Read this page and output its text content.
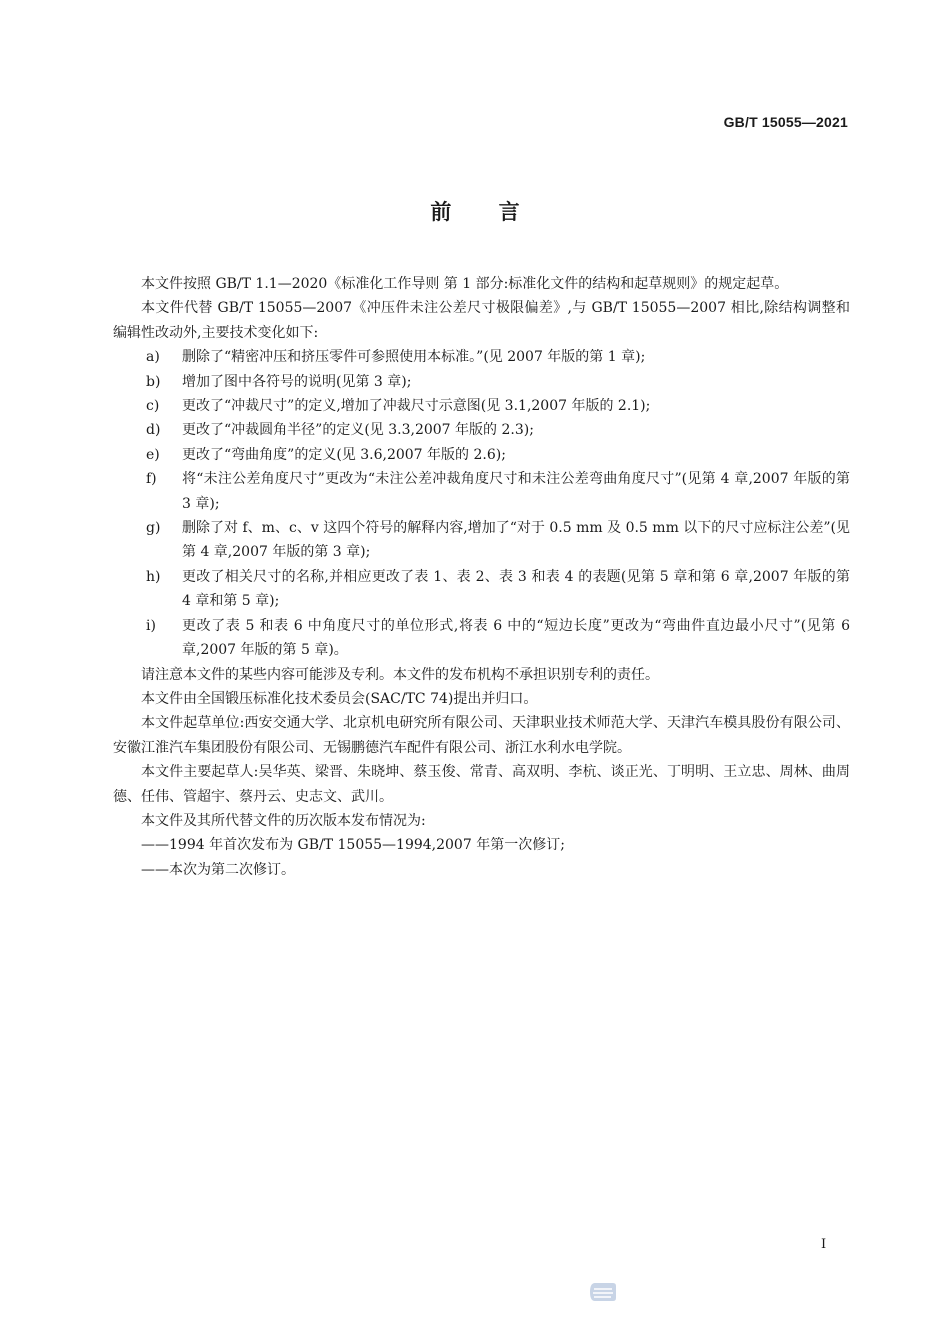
GB/T 15055—2021
前 言

本文件按照 GB/T 1.1—2020《标准化工作导则 第 1 部分:标准化文件的结构和起草规则》的规定起草。

本文件代替 GB/T 15055—2007《冲压件未注公差尺寸极限偏差》,与 GB/T 15055—2007 相比,除结构调整和编辑性改动外,主要技术变化如下:

a)	删除了“精密冲压和挤压零件可参照使用本标准。”(见 2007 年版的第 1 章);
b)	增加了图中各符号的说明(见第 3 章);
c)	更改了“冲裁尺寸”的定义,增加了冲裁尺寸示意图(见 3.1,2007 年版的 2.1);
d)	更改了“冲裁圆角半径”的定义(见 3.3,2007 年版的 2.3);
e)	更改了“弯曲角度”的定义(见 3.6,2007 年版的 2.6);
f)	将“未注公差角度尺寸”更改为“未注公差冲裁角度尺寸和未注公差弯曲角度尺寸”(见第 4 章,2007 年版的第 3 章);
g)	删除了对 f、m、c、v 这四个符号的解释内容,增加了“对于 0.5 mm 及 0.5 mm 以下的尺寸应标注公差”(见第 4 章,2007 年版的第 3 章);
h)	更改了相关尺寸的名称,并相应更改了表 1、表 2、表 3 和表 4 的表题(见第 5 章和第 6 章,2007 年版的第 4 章和第 5 章);
i)	更改了表 5 和表 6 中角度尺寸的单位形式,将表 6 中的“短边长度”更改为“弯曲件直边最小尺寸”(见第 6 章,2007 年版的第 5 章)。

请注意本文件的某些内容可能涉及专利。本文件的发布机构不承担识别专利的责任。

本文件由全国锻压标准化技术委员会(SAC/TC 74)提出并归口。

本文件起草单位:西安交通大学、北京机电研究所有限公司、天津职业技术师范大学、天津汽车模具股份有限公司、安徽江淮汽车集团股份有限公司、无锡鹏德汽车配件有限公司、浙江水利水电学院。

本文件主要起草人:吴华英、梁晋、朱晓坤、蔡玉俊、常青、高双明、李杭、谈正光、丁明明、王立忠、周林、曲周德、任伟、管超宇、蔡丹云、史志文、武川。

本文件及其所代替文件的历次版本发布情况为:

——1994 年首次发布为 GB/T 15055—1994,2007 年第一次修订;

——本次为第二次修订。

I
